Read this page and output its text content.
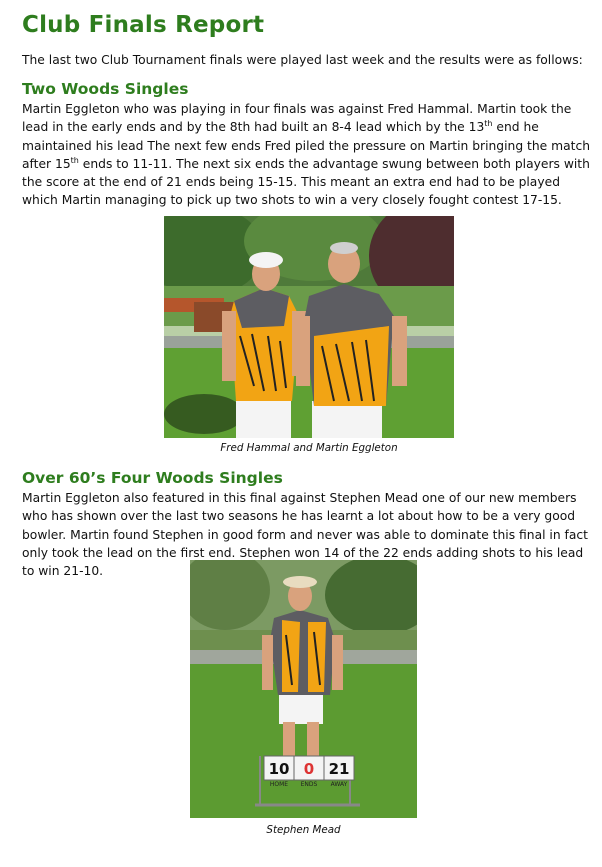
Club Finals Report

The last two Club Tournament finals were played last week and the results were as follows:

Two Woods Singles

Martin Eggleton who was playing in four finals was against Fred Hammal. Martin took the lead in the early ends and by the 8th had built an 8-4 lead which by the 13th end he maintained his lead The next few ends Fred piled the pressure on Martin bringing the match after 15th ends to 11-11. The next six ends the advantage swung between both players with the score at the end of 21 ends being 15-15. This meant an extra end had to be played which Martin managing to pick up two shots to win a very closely fought contest 17-15.

Fred Hammal and Martin Eggleton

Over 60’s Four Woods Singles

Martin Eggleton also featured in this final against Stephen Mead one of our new members who has shown over the last two seasons he has learnt a lot about how to be a very good bowler. Martin found Stephen in good form and never was able to dominate this final in fact only took the lead on the first end. Stephen won 14 of the 22 ends adding shots to his lead to win 21-10.

10 0 21
HOME ENDS AWAY

Stephen Mead
